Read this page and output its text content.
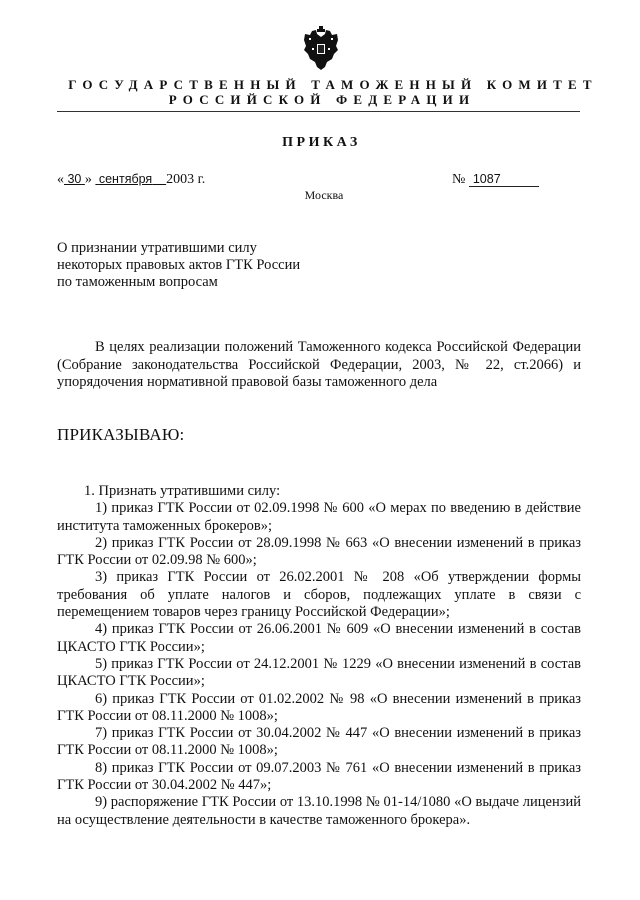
ГОСУДАРСТВЕННЫЙ ТАМОЖЕННЫЙ КОМИТЕТ
РОССИЙСКОЙ ФЕДЕРАЦИИ
ПРИКАЗ
« 30 » сентября 2003 г.	№ 1087
Москва
О признании утратившими силу
некоторых правовых актов ГТК России
по таможенным вопросам

В целях реализации положений Таможенного кодекса Российской Федерации (Собрание законодательства Российской Федерации, 2003, № 22, ст.2066) и упорядочения нормативной правовой базы таможенного дела

ПРИКАЗЫВАЮ:

1. Признать утратившими силу:

1) приказ ГТК России от 02.09.1998 № 600 «О мерах по введению в действие института таможенных брокеров»;

2) приказ ГТК России от 28.09.1998 № 663 «О внесении изменений в приказ ГТК России от 02.09.98 № 600»;

3) приказ ГТК России от 26.02.2001 № 208 «Об утверждении формы требования об уплате налогов и сборов, подлежащих уплате в связи с перемещением товаров через границу Российской Федерации»;

4) приказ ГТК России от 26.06.2001 № 609 «О внесении изменений в состав ЦКАСТО ГТК России»;

5) приказ ГТК России от 24.12.2001 № 1229 «О внесении изменений в состав ЦКАСТО ГТК России»;

6) приказ ГТК России от 01.02.2002 № 98 «О внесении изменений в приказ ГТК России от 08.11.2000 № 1008»;

7) приказ ГТК России от 30.04.2002 № 447 «О внесении изменений в приказ ГТК России от 08.11.2000 № 1008»;

8) приказ ГТК России от 09.07.2003 № 761 «О внесении изменений в приказ ГТК России от 30.04.2002 № 447»;

9) распоряжение ГТК России от 13.10.1998 № 01-14/1080 «О выдаче лицензий на осуществление деятельности в качестве таможенного брокера».
